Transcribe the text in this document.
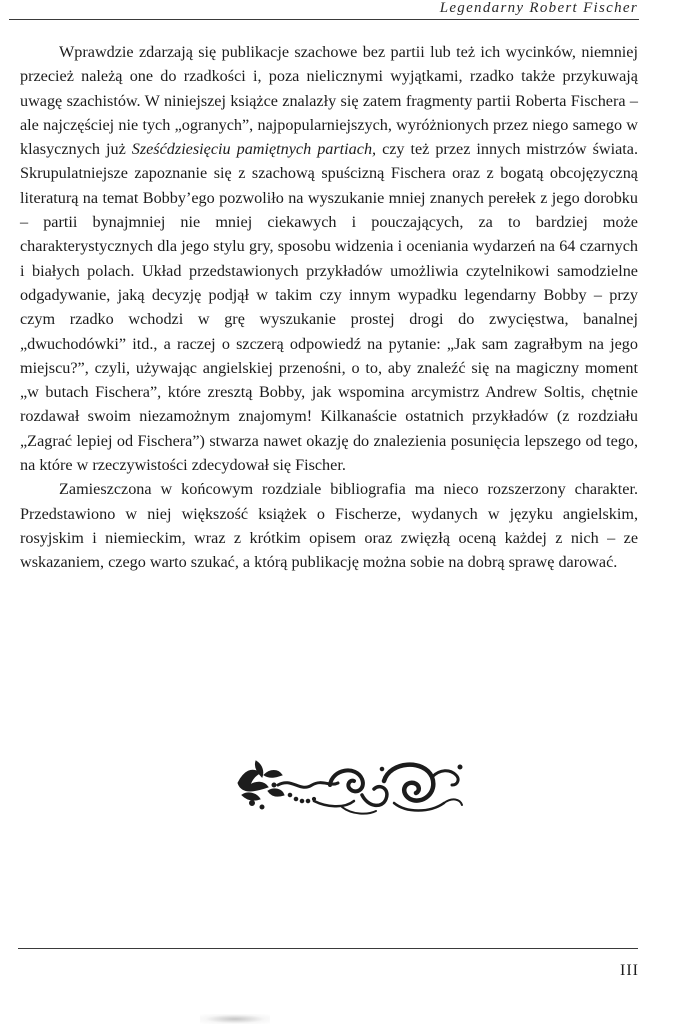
Legendarny Robert Fischer

Wprawdzie zdarzają się publikacje szachowe bez partii lub też ich wycinków, niemniej przecież należą one do rzadkości i, poza nielicznymi wyjątkami, rzadko także przykuwają uwagę szachistów. W niniejszej książce znalazły się zatem fragmenty partii Roberta Fischera – ale najczęściej nie tych „ogranych”, najpopularniejszych, wyróżnionych przez niego samego w klasycznych już Sześćdziesięciu pamiętnych partiach, czy też przez innych mistrzów świata. Skrupulatniejsze zapoznanie się z szachową spuścizną Fischera oraz z bogatą obcojęzyczną literaturą na temat Bobby’ego pozwoliło na wyszukanie mniej znanych perełek z jego dorobku – partii bynajmniej nie mniej ciekawych i pouczających, za to bardziej może charakterystycznych dla jego stylu gry, sposobu widzenia i oceniania wydarzeń na 64 czarnych i białych polach. Układ przedstawionych przykładów umożliwia czytelnikowi samodzielne odgadywanie, jaką decyzję podjął w takim czy innym wypadku legendarny Bobby – przy czym rzadko wchodzi w grę wyszukanie prostej drogi do zwycięstwa, banalnej „dwuchodówki” itd., a raczej o szczerą odpowiedź na pytanie: „Jak sam zagrałbym na jego miejscu?”, czyli, używając angielskiej przenośni, o to, aby znaleźć się na magiczny moment „w butach Fischera”, które zresztą Bobby, jak wspomina arcymistrz Andrew Soltis, chętnie rozdawał swoim niezamożnym znajomym! Kilkanaście ostatnich przykładów (z rozdziału „Zagrać lepiej od Fischera”) stwarza nawet okazję do znalezienia posunięcia lepszego od tego, na które w rzeczywistości zdecydował się Fischer.

Zamieszczona w końcowym rozdziale bibliografia ma nieco rozszerzony charakter. Przedstawiono w niej większość książek o Fischerze, wydanych w języku angielskim, rosyjskim i niemieckim, wraz z krótkim opisem oraz zwięzłą oceną każdej z nich – ze wskazaniem, czego warto szukać, a którą publikację można sobie na dobrą sprawę darować.

III
